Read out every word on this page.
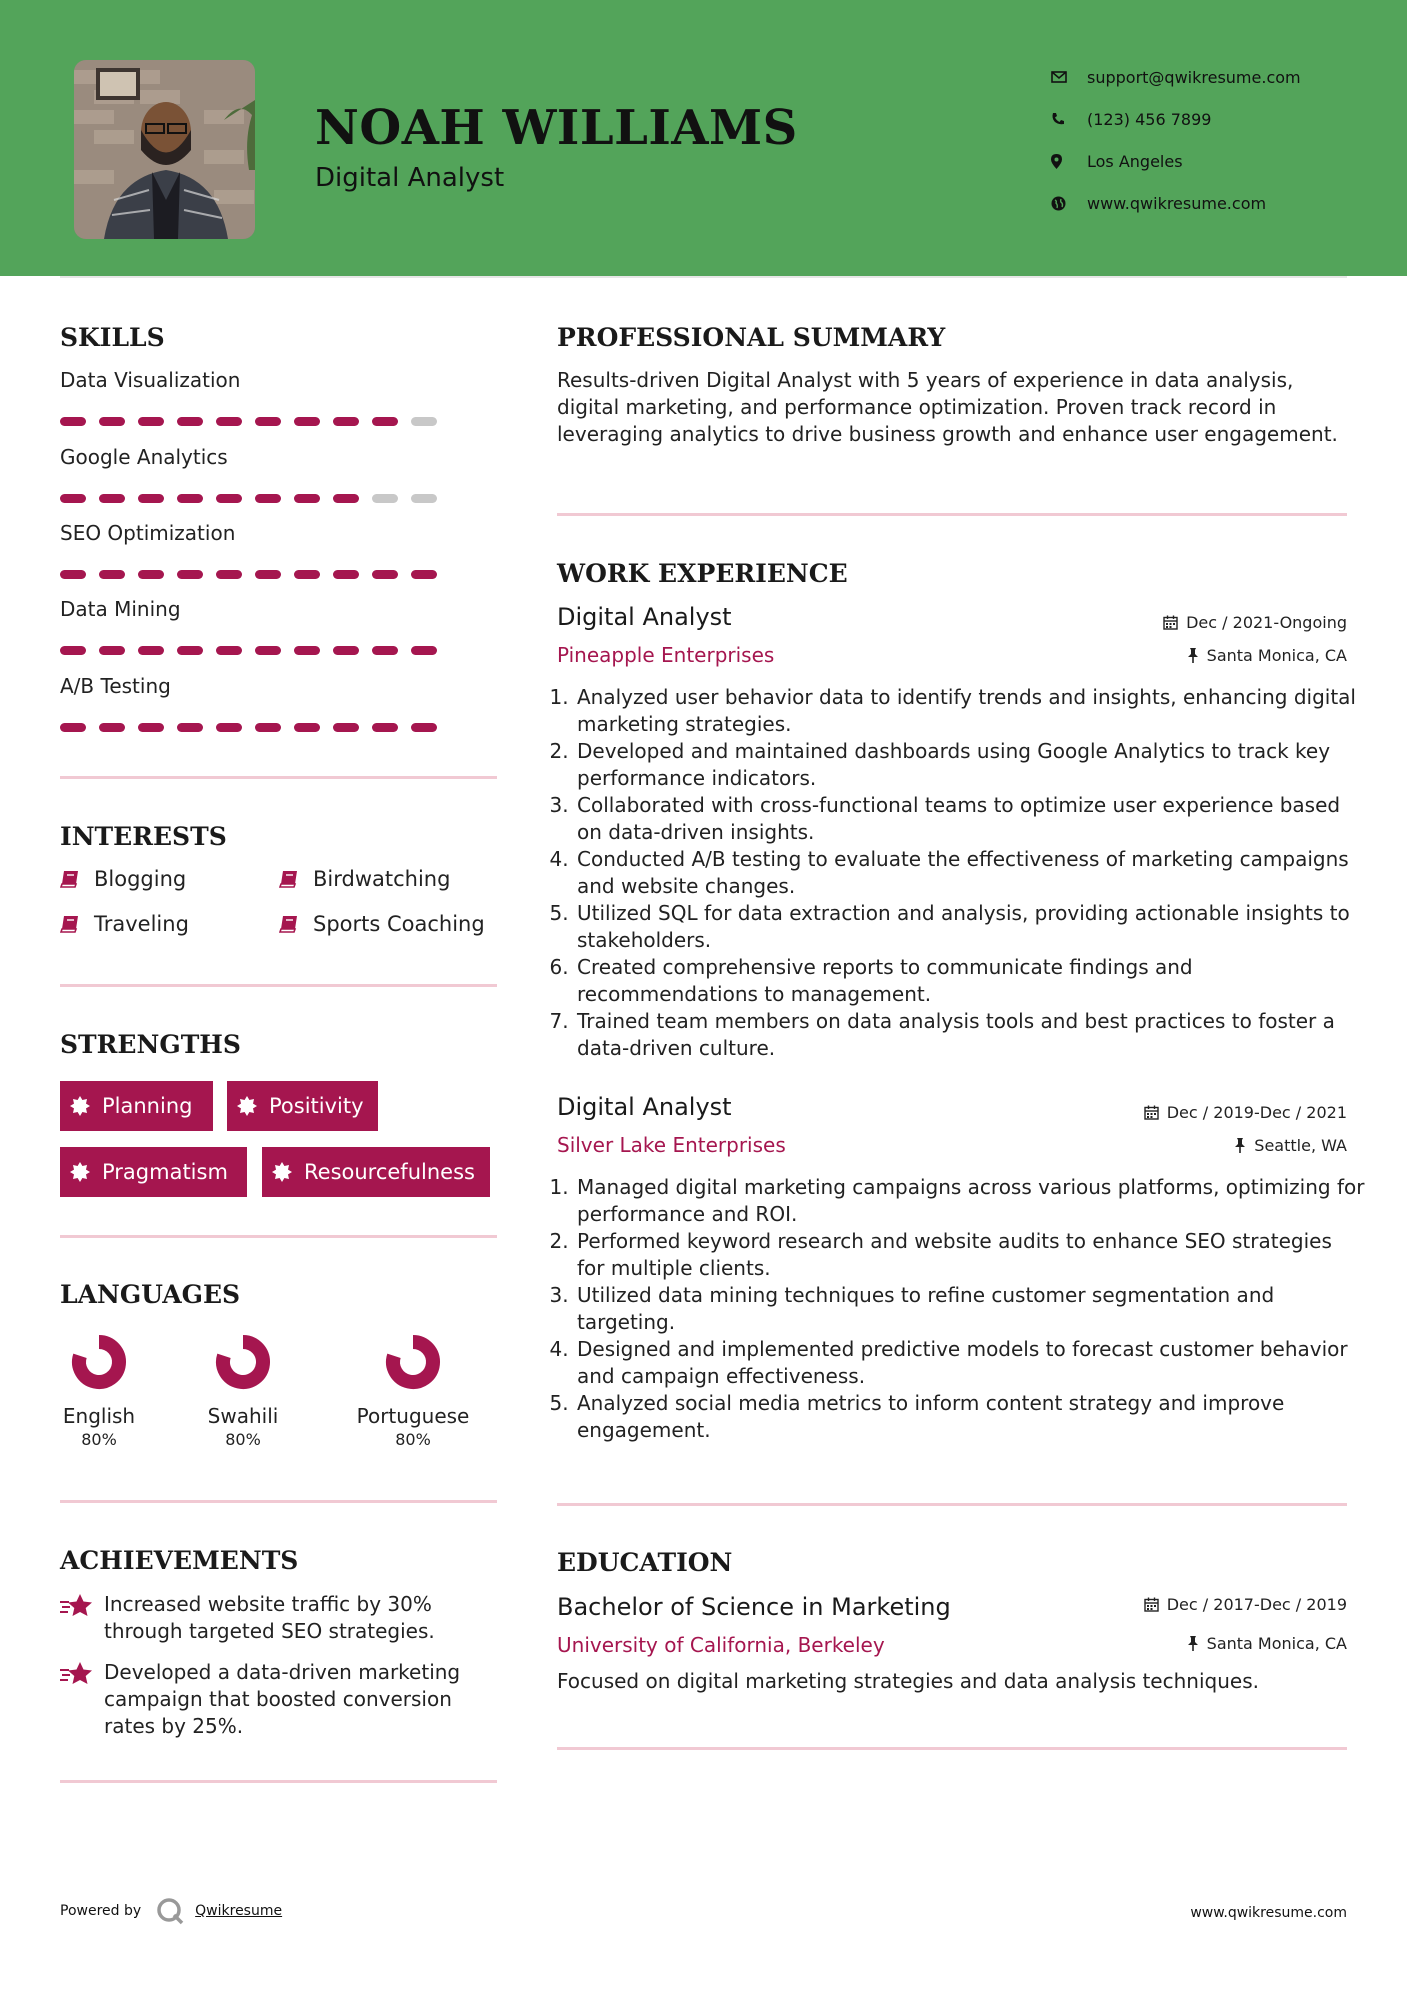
NOAH WILLIAMS

Digital Analyst

support@qwikresume.com
(123) 456 7899
Los Angeles
www.qwikresume.com
SKILLS
Data Visualization
Google Analytics
SEO Optimization
Data Mining
A/B Testing
INTERESTS
Blogging	Birdwatching
Traveling	Sports Coaching
STRENGTHS
Planning	Positivity
Pragmatism	Resourcefulness
LANGUAGES
English
80%
Swahili
80%
Portuguese
80%
ACHIEVEMENTS
Increased website traffic by 30% through targeted SEO strategies.
Developed a data-driven marketing campaign that boosted conversion rates by 25%.
PROFESSIONAL SUMMARY

Results-driven Digital Analyst with 5 years of experience in data analysis, digital marketing, and performance optimization. Proven track record in leveraging analytics to drive business growth and enhance user engagement.

WORK EXPERIENCE
Digital Analyst	Dec / 2021-Ongoing
Pineapple Enterprises	Santa Monica, CA
1. Analyzed user behavior data to identify trends and insights, enhancing digital marketing strategies.
2. Developed and maintained dashboards using Google Analytics to track key performance indicators.
3. Collaborated with cross-functional teams to optimize user experience based on data-driven insights.
4. Conducted A/B testing to evaluate the effectiveness of marketing campaigns and website changes.
5. Utilized SQL for data extraction and analysis, providing actionable insights to stakeholders.
6. Created comprehensive reports to communicate findings and recommendations to management.
7. Trained team members on data analysis tools and best practices to foster a data-driven culture.
Digital Analyst	Dec / 2019-Dec / 2021
Silver Lake Enterprises	Seattle, WA
1. Managed digital marketing campaigns across various platforms, optimizing for performance and ROI.
2. Performed keyword research and website audits to enhance SEO strategies for multiple clients.
3. Utilized data mining techniques to refine customer segmentation and targeting.
4. Designed and implemented predictive models to forecast customer behavior and campaign effectiveness.
5. Analyzed social media metrics to inform content strategy and improve engagement.
EDUCATION
Bachelor of Science in Marketing	Dec / 2017-Dec / 2019
University of California, Berkeley	Santa Monica, CA

Focused on digital marketing strategies and data analysis techniques.

Powered by	Qwikresume	www.qwikresume.com
